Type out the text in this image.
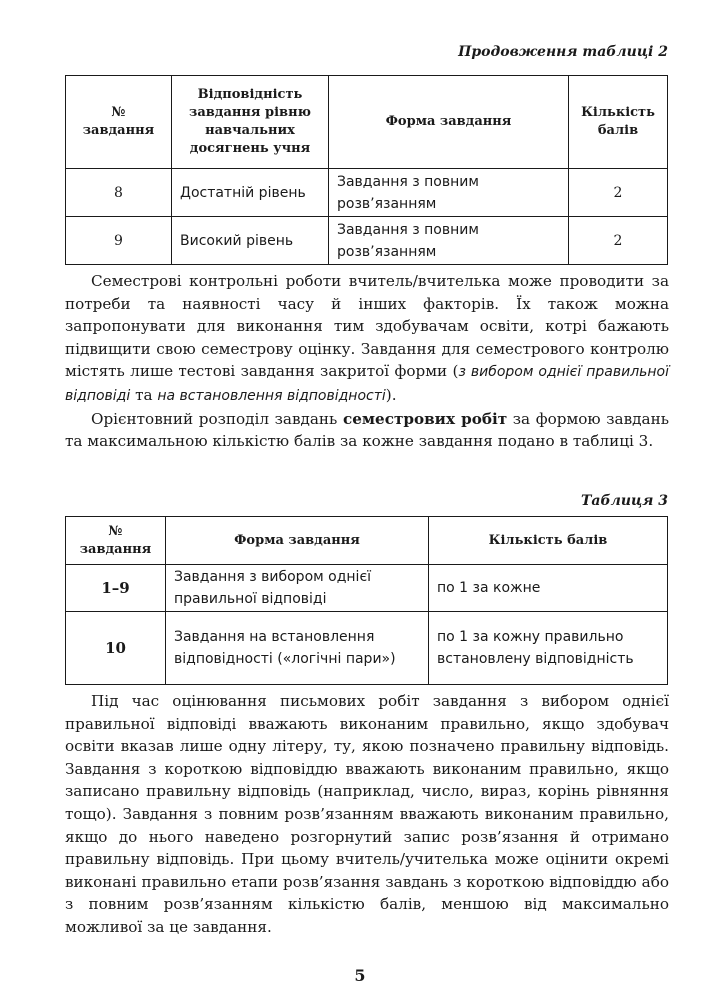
Продовження таблиці 2
№ завдання	Відповідність завдання рівню навчальних досягнень учня	Форма завдання	Кількість балів
8	Достатній рівень	Завдання з повним розв’язанням	2
9	Високий рівень	Завдання з повним розв’язанням	2

Семестрові контрольні роботи вчитель/вчителька може проводити за потреби та наявності часу й інших факторів. Їх також можна запропонувати для виконання тим здобувачам освіти, котрі бажають підвищити свою семестрову оцінку. Завдання для семестрового контролю містять лише тестові завдання закритої форми (з вибором однієї правильної відповіді та на встановлення відповідності).

Орієнтовний розподіл завдань семестрових робіт за формою завдань та максимальною кількістю балів за кожне завдання подано в таблиці 3.

Таблиця 3
№ завдання	Форма завдання	Кількість балів
1–9	Завдання з вибором однієї правильної відповіді	по 1 за кожне
10	Завдання на встановлення відповідності («логічні пари»)	по 1 за кожну правильно встановлену відповідність

Під час оцінювання письмових робіт завдання з вибором однієї правильної відповіді вважають виконаним правильно, якщо здобувач освіти вказав лише одну літеру, ту, якою позначено правильну відповідь. Завдання з короткою відповіддю вважають виконаним правильно, якщо записано правильну відповідь (наприклад, число, вираз, корінь рівняння тощо). Завдання з повним розв’язанням вважають виконаним правильно, якщо до нього наведено розгорнутий запис розв’язання й отримано правильну відповідь. При цьому вчитель/учителька може оцінити окремі виконані правильно етапи розв’язання завдань з короткою відповіддю або з повним розв’язанням кількістю балів, меншою від максимально можливої за це завдання.

5
